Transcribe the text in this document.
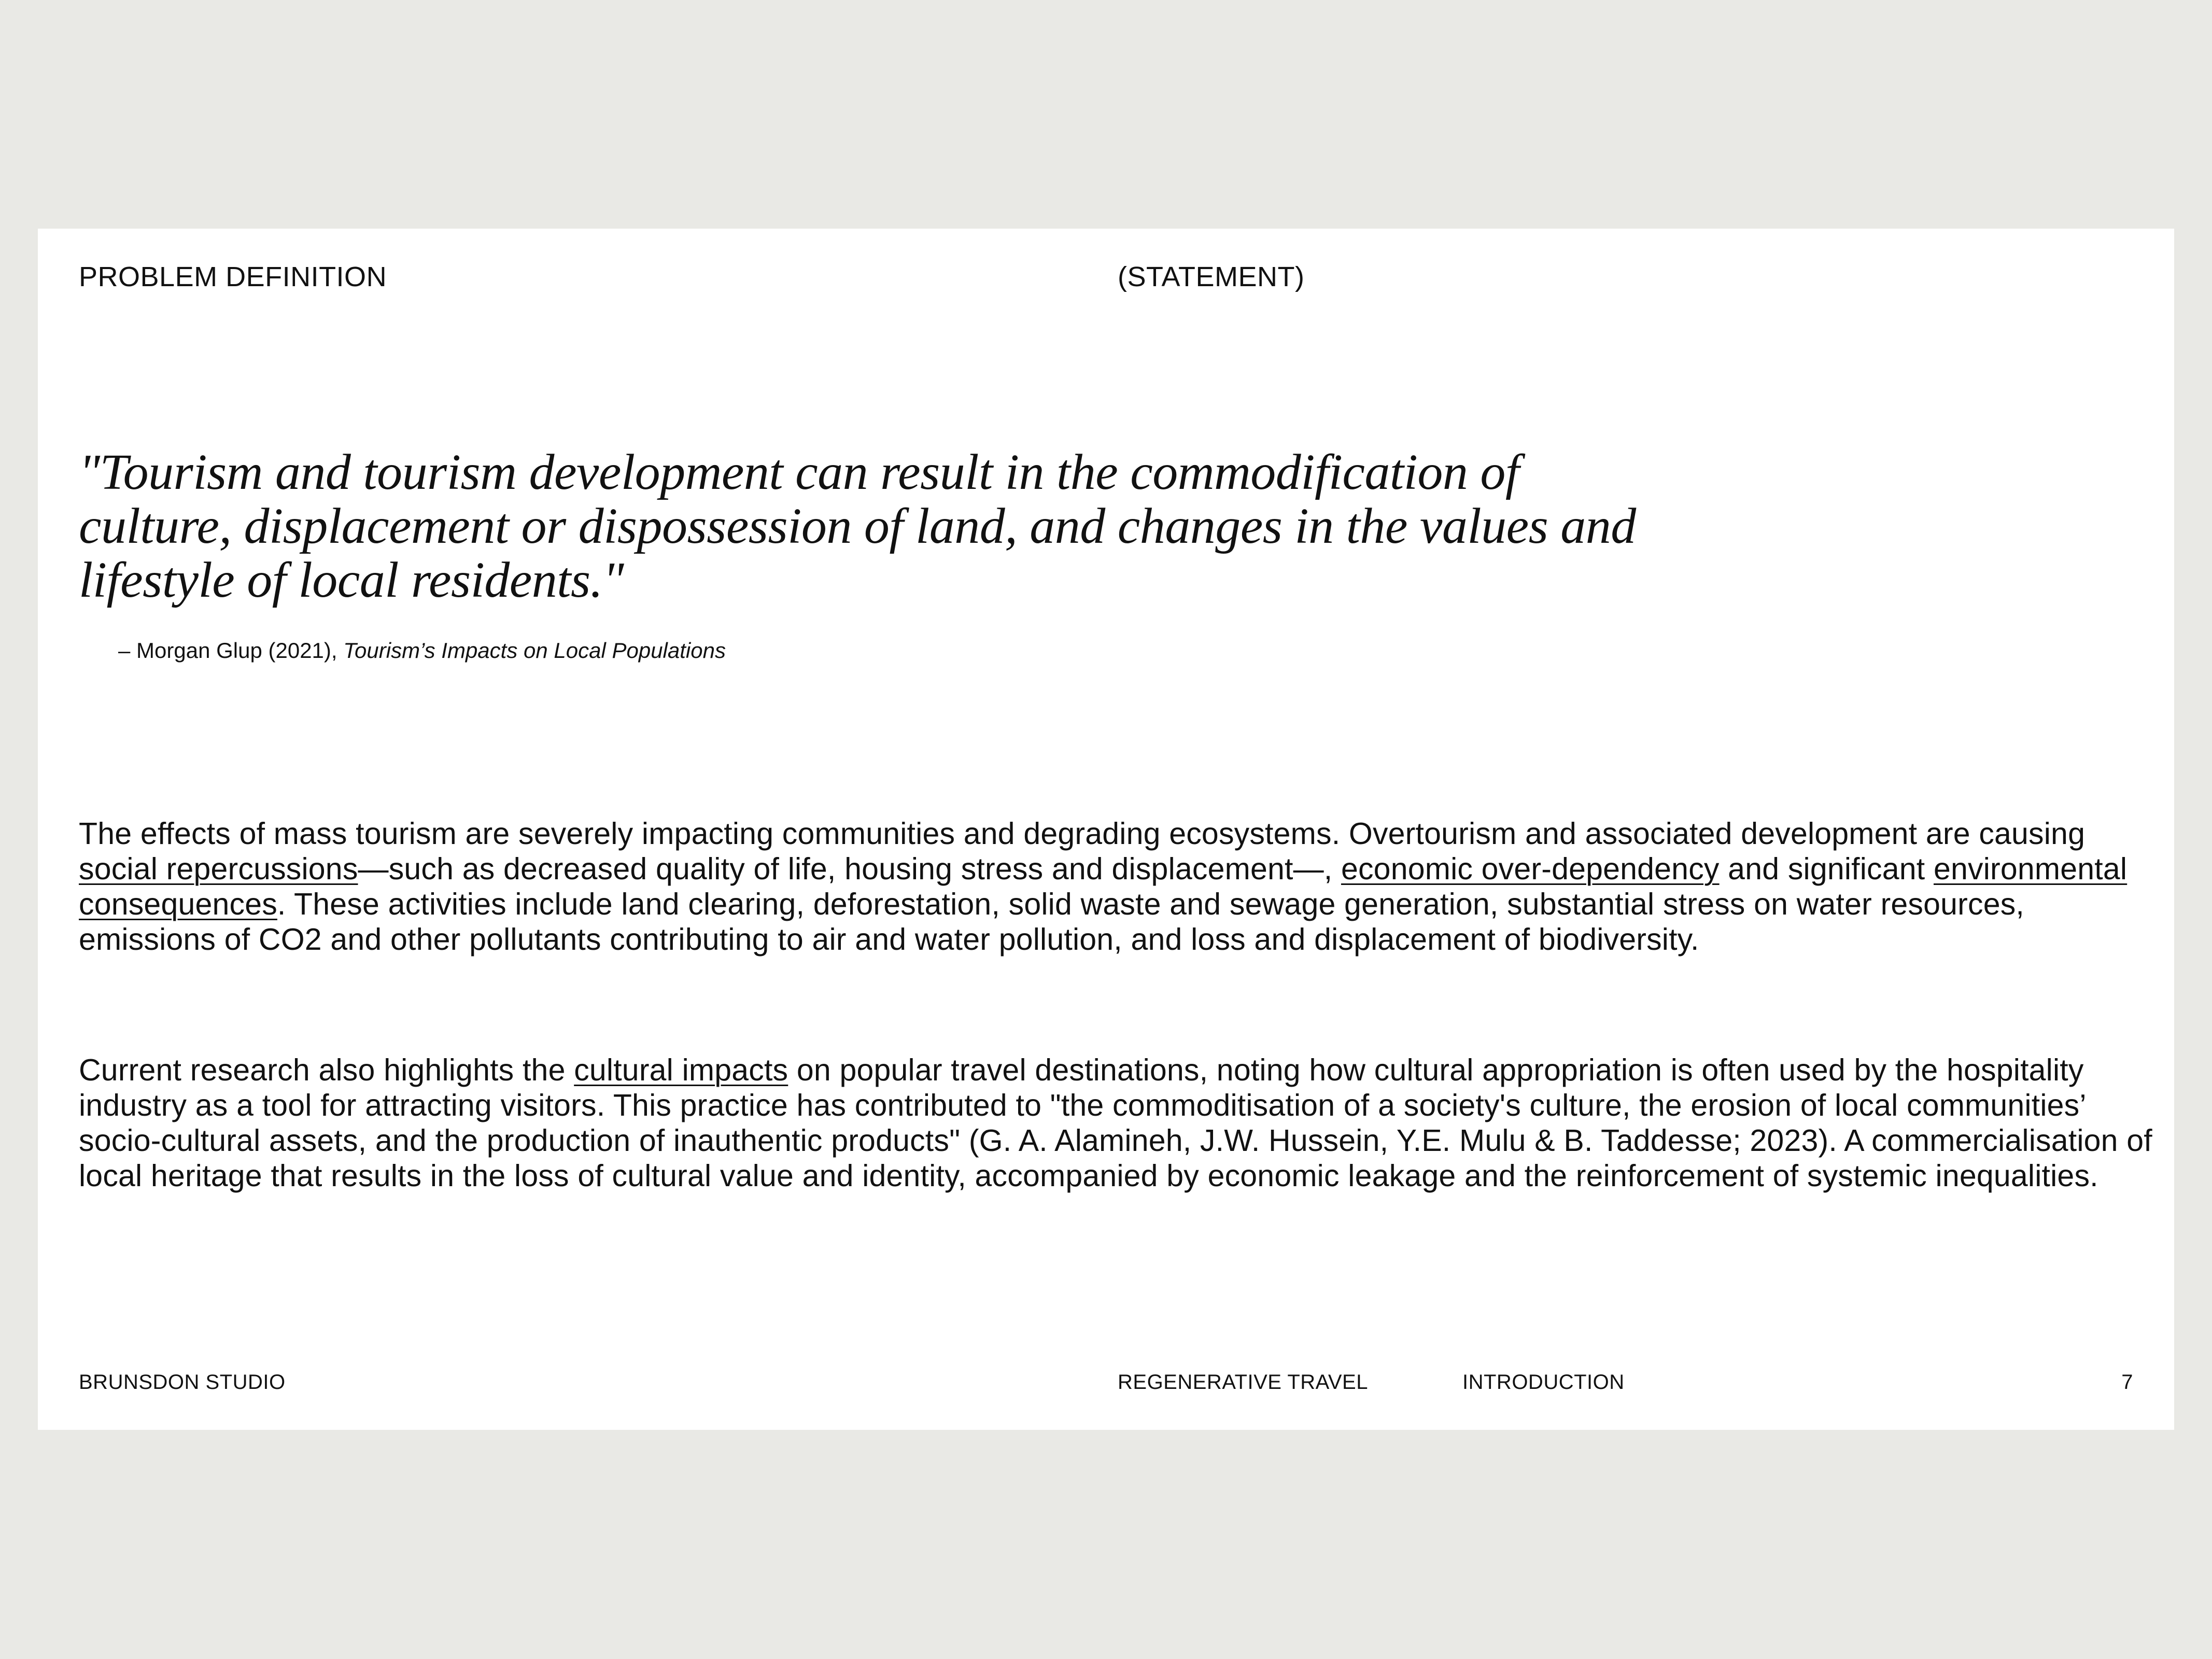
PROBLEM DEFINITION	(STATEMENT)

"Tourism and tourism development can result in the commodification of culture, displacement or dispossession of land, and changes in the values and lifestyle of local residents."

– Morgan Glup (2021), Tourism’s Impacts on Local Populations

The effects of mass tourism are severely impacting communities and degrading ecosystems. Overtourism and associated development are causing social repercussions—such as decreased quality of life, housing stress and displacement—, economic over-dependency and significant environmental consequences. These activities include land clearing, deforestation, solid waste and sewage generation, substantial stress on water resources, emissions of CO2 and other pollutants contributing to air and water pollution, and loss and displacement of biodiversity.

Current research also highlights the cultural impacts on popular travel destinations, noting how cultural appropriation is often used by the hospitality industry as a tool for attracting visitors. This practice has contributed to "the commoditisation of a society's culture, the erosion of local communities’ socio-cultural assets, and the production of inauthentic products" (G. A. Alamineh, J.W. Hussein, Y.E. Mulu & B. Taddesse; 2023). A commercialisation of local heritage that results in the loss of cultural value and identity, accompanied by economic leakage and the reinforcement of systemic inequalities.

BRUNSDON STUDIO	REGENERATIVE TRAVEL	INTRODUCTION	7
